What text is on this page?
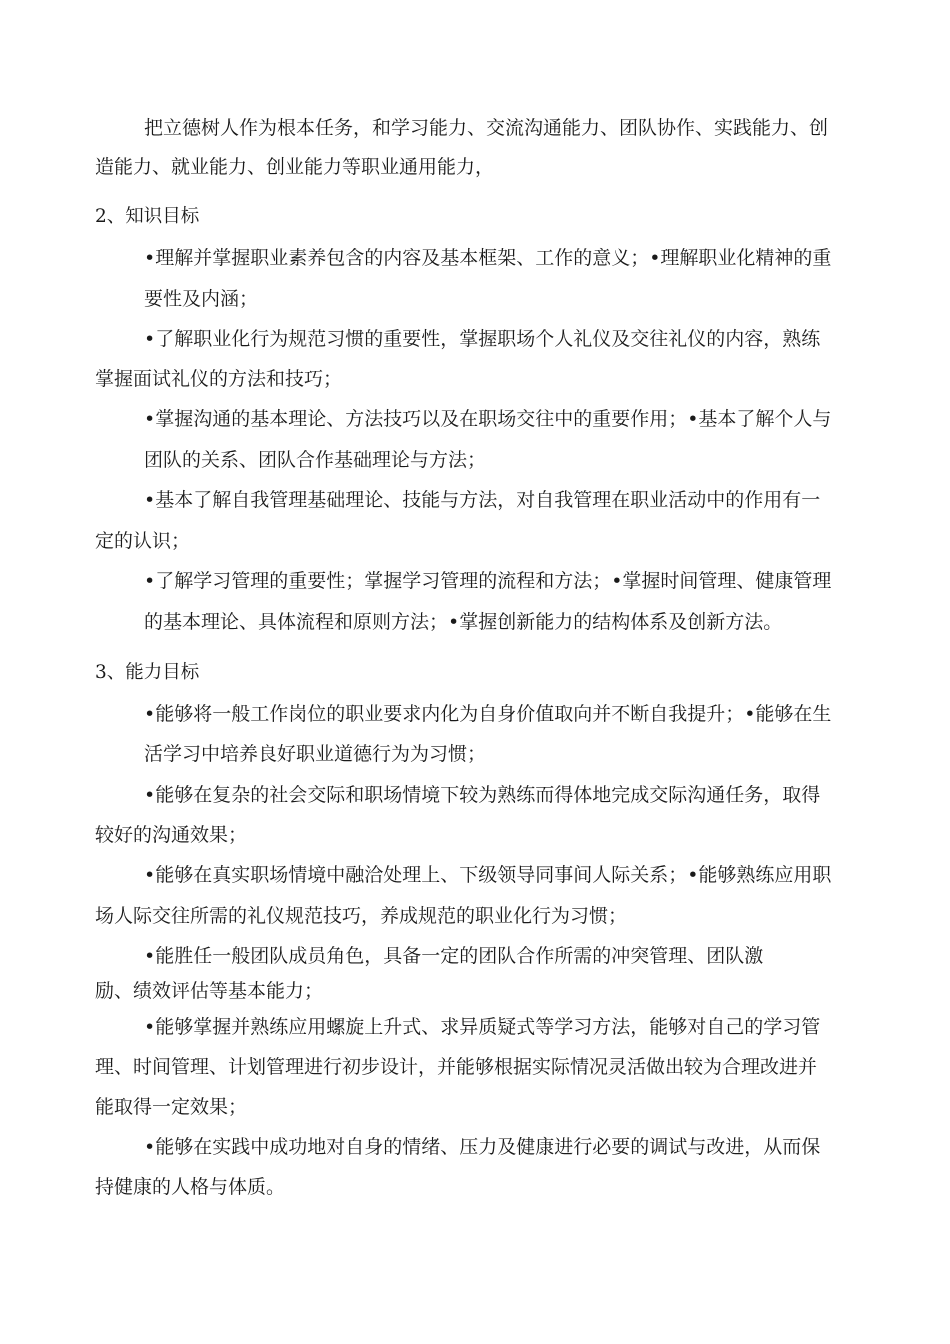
把立德树人作为根本任务，和学习能力、交流沟通能力、团队协作、实践能力、创
造能力、就业能力、创业能力等职业通用能力，
2、知识目标
•理解并掌握职业素养包含的内容及基本框架、工作的意义；•理解职业化精神的重
要性及内涵；
•了解职业化行为规范习惯的重要性，掌握职场个人礼仪及交往礼仪的内容，熟练
掌握面试礼仪的方法和技巧；
•掌握沟通的基本理论、方法技巧以及在职场交往中的重要作用；•基本了解个人与
团队的关系、团队合作基础理论与方法；
•基本了解自我管理基础理论、技能与方法，对自我管理在职业活动中的作用有一
定的认识；
•了解学习管理的重要性；掌握学习管理的流程和方法；•掌握时间管理、健康管理
的基本理论、具体流程和原则方法；•掌握创新能力的结构体系及创新方法。
3、能力目标
•能够将一般工作岗位的职业要求内化为自身价值取向并不断自我提升；•能够在生
活学习中培养良好职业道德行为为习惯；
•能够在复杂的社会交际和职场情境下较为熟练而得体地完成交际沟通任务，取得
较好的沟通效果；
•能够在真实职场情境中融洽处理上、下级领导同事间人际关系；•能够熟练应用职
场人际交往所需的礼仪规范技巧，养成规范的职业化行为习惯；
•能胜任一般团队成员角色，具备一定的团队合作所需的冲突管理、团队激
励、绩效评估等基本能力；
•能够掌握并熟练应用螺旋上升式、求异质疑式等学习方法，能够对自己的学习管
理、时间管理、计划管理进行初步设计，并能够根据实际情况灵活做出较为合理改进并
能取得一定效果；
•能够在实践中成功地对自身的情绪、压力及健康进行必要的调试与改进，从而保
持健康的人格与体质。
